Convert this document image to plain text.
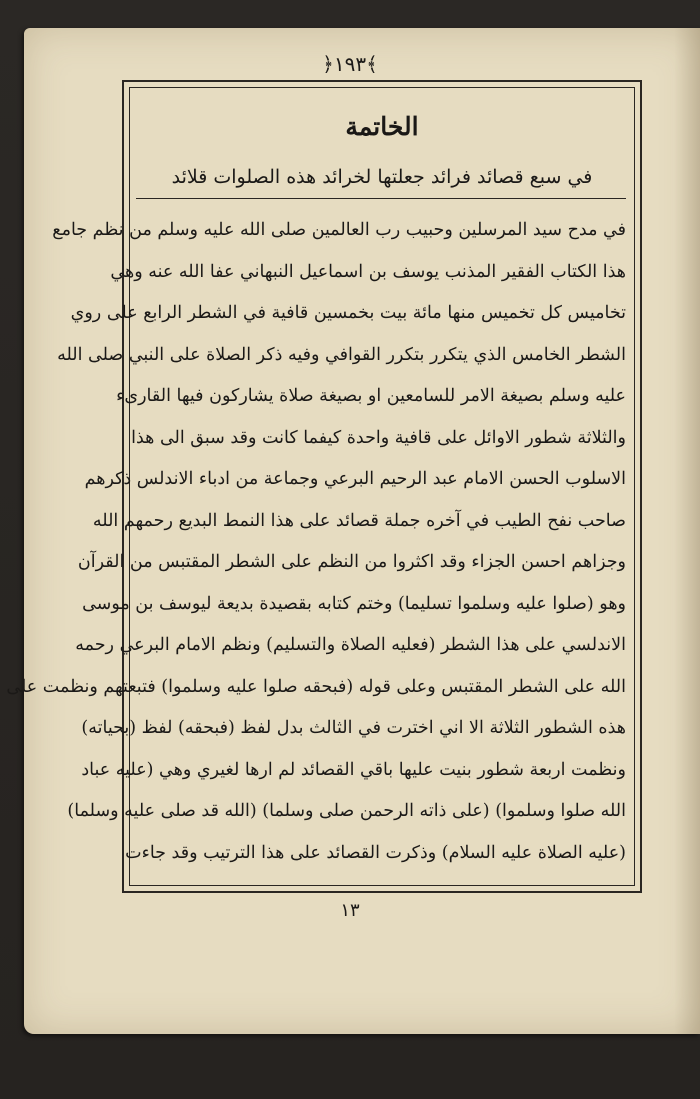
﴿١٩٣﴾
الخاتمة
في سبع قصائد فرائد جعلتها لخرائد هذه الصلوات قلائد
في مدح سيد المرسلين وحبيب رب العالمين صلى الله عليه وسلم من نظم جامع
هذا الكتاب الفقير المذنب يوسف بن اسماعيل النبهاني عفا الله عنه وهي
تخاميس كل تخميس منها مائة بيت بخمسين قافية في الشطر الرابع على روي
الشطر الخامس الذي يتكرر بتكرر القوافي وفيه ذكر الصلاة على النبي صلى الله
عليه وسلم بصيغة الامر للسامعين او بصيغة صلاة يشاركون فيها القارىء
والثلاثة شطور الاوائل على قافية واحدة كيفما كانت وقد سبق الى هذا
الاسلوب الحسن الامام عبد الرحيم البرعي وجماعة من ادباء الاندلس ذكرهم
صاحب نفح الطيب في آخره جملة قصائد على هذا النمط البديع رحمهم الله
وجزاهم احسن الجزاء وقد اكثروا من النظم على الشطر المقتبس من القرآن
وهو (صلوا عليه وسلموا تسليما) وختم كتابه بقصيدة بديعة ليوسف بن موسى
الاندلسي على هذا الشطر (فعليه الصلاة والتسليم) ونظم الامام البرعي رحمه
الله على الشطر المقتبس وعلى قوله (فبحقه صلوا عليه وسلموا) فتبعتهم ونظمت على
هذه الشطور الثلاثة الا اني اخترت في الثالث بدل لفظ (فبحقه) لفظ (بحياته)
ونظمت اربعة شطور بنيت عليها باقي القصائد لم ارها لغيري وهي (عليه عباد
الله صلوا وسلموا) (على ذاته الرحمن صلى وسلما) (الله قد صلى عليه وسلما)
(عليه الصلاة عليه السلام) وذكرت القصائد على هذا الترتيب وقد جاءت
١٣
